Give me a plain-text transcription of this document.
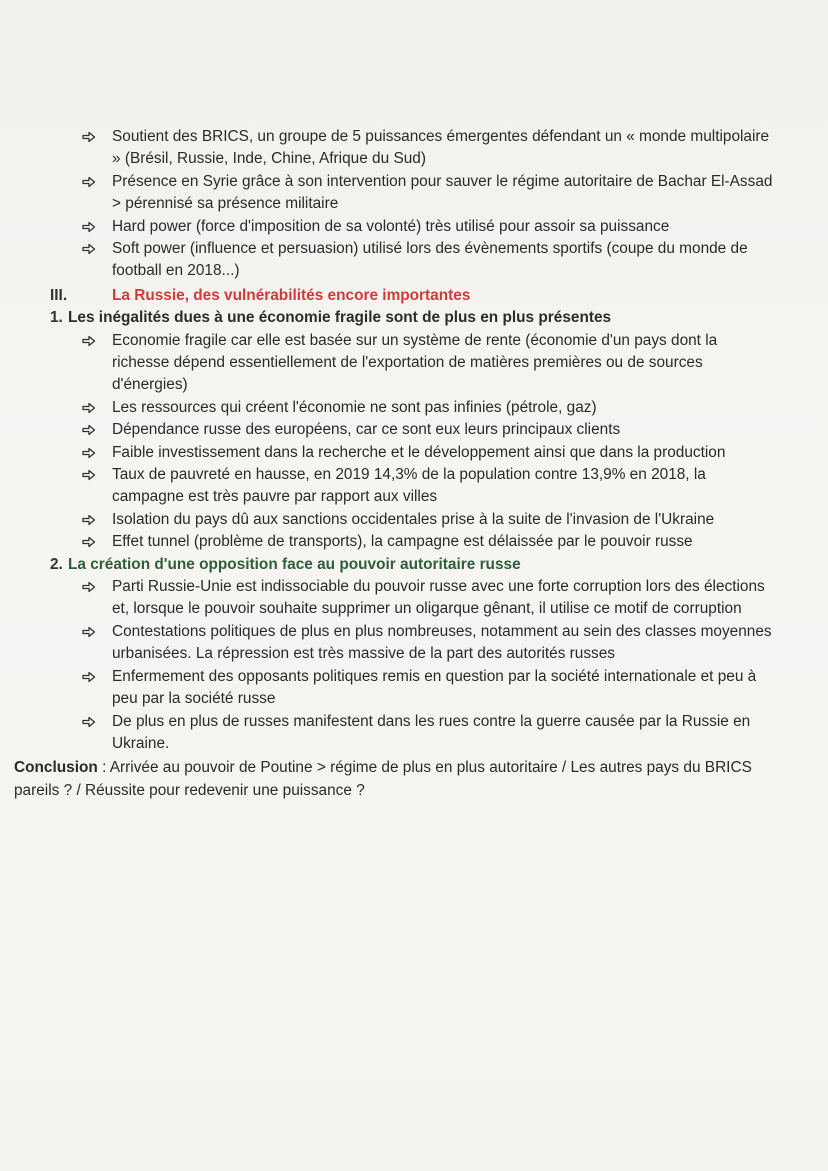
Soutient des BRICS, un groupe de 5 puissances émergentes défendant un « monde multipolaire » (Brésil, Russie, Inde, Chine, Afrique du Sud)
Présence en Syrie grâce à son intervention pour sauver le régime autoritaire de Bachar El-Assad > pérennisé sa présence militaire
Hard power (force d'imposition de sa volonté) très utilisé pour assoir sa puissance
Soft power (influence et persuasion) utilisé lors des évènements sportifs (coupe du monde de football en 2018...)
III.	La Russie, des vulnérabilités encore importantes
1. Les inégalités dues à une économie fragile sont de plus en plus présentes
Economie fragile car elle est basée sur un système de rente (économie d'un pays dont la richesse dépend essentiellement de l'exportation de matières premières ou de sources d'énergies)
Les ressources qui créent l'économie ne sont pas infinies (pétrole, gaz)
Dépendance russe des européens, car ce sont eux leurs principaux clients
Faible investissement dans la recherche et le développement ainsi que dans la production
Taux de pauvreté en hausse, en 2019 14,3% de la population contre 13,9% en 2018, la campagne est très pauvre par rapport aux villes
Isolation du pays dû aux sanctions occidentales prise à la suite de l'invasion de l'Ukraine
Effet tunnel (problème de transports), la campagne est délaissée par le pouvoir russe
2. La création d'une opposition face au pouvoir autoritaire russe
Parti Russie-Unie est indissociable du pouvoir russe avec une forte corruption lors des élections et, lorsque le pouvoir souhaite supprimer un oligarque gênant, il utilise ce motif de corruption
Contestations politiques de plus en plus nombreuses, notamment au sein des classes moyennes urbanisées. La répression est très massive de la part des autorités russes
Enfermement des opposants politiques remis en question par la société internationale et peu à peu par la société russe
De plus en plus de russes manifestent dans les rues contre la guerre causée par la Russie en Ukraine.
Conclusion : Arrivée au pouvoir de Poutine > régime de plus en plus autoritaire / Les autres pays du BRICS pareils ? / Réussite pour redevenir une puissance ?
